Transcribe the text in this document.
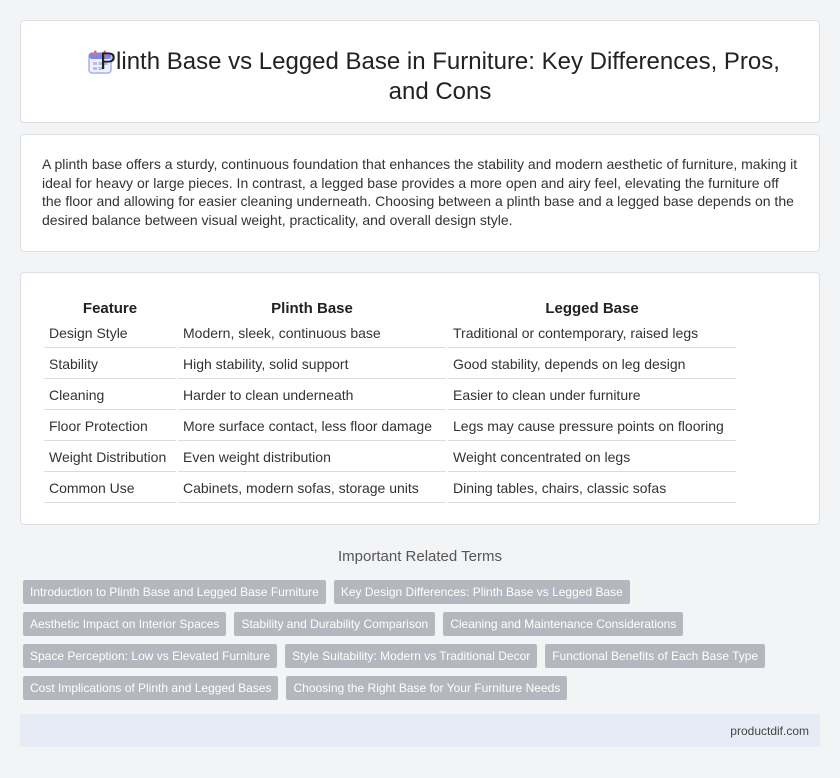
Plinth Base vs Legged Base in Furniture: Key Differences, Pros, and Cons

A plinth base offers a sturdy, continuous foundation that enhances the stability and modern aesthetic of furniture, making it ideal for heavy or large pieces. In contrast, a legged base provides a more open and airy feel, elevating the furniture off the floor and allowing for easier cleaning underneath. Choosing between a plinth base and a legged base depends on the desired balance between visual weight, practicality, and overall design style.

Feature	Plinth Base	Legged Base
Design Style	Modern, sleek, continuous base	Traditional or contemporary, raised legs
Stability	High stability, solid support	Good stability, depends on leg design
Cleaning	Harder to clean underneath	Easier to clean under furniture
Floor Protection	More surface contact, less floor damage	Legs may cause pressure points on flooring
Weight Distribution	Even weight distribution	Weight concentrated on legs
Common Use	Cabinets, modern sofas, storage units	Dining tables, chairs, classic sofas
Important Related Terms
Introduction to Plinth Base and Legged Base Furniture	Key Design Differences: Plinth Base vs Legged Base
Aesthetic Impact on Interior Spaces	Stability and Durability Comparison	Cleaning and Maintenance Considerations
Space Perception: Low vs Elevated Furniture	Style Suitability: Modern vs Traditional Decor	Functional Benefits of Each Base Type
Cost Implications of Plinth and Legged Bases	Choosing the Right Base for Your Furniture Needs
productdif.com
